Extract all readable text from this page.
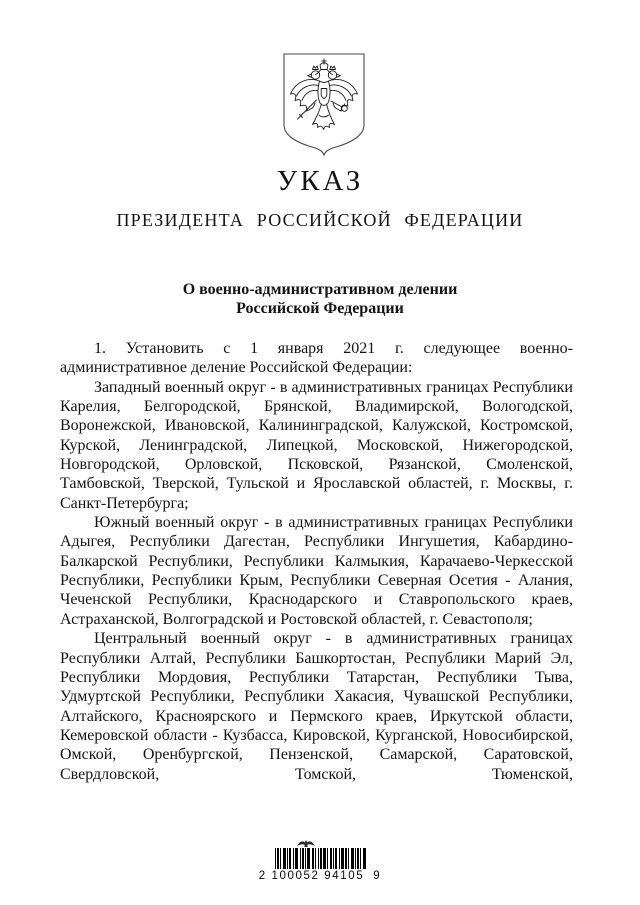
УКАЗ
ПРЕЗИДЕНТА РОССИЙСКОЙ ФЕДЕРАЦИИ
О военно-административном делении
Российской Федерации

1. Установить с 1 января 2021 г. следующее военно-административное деление Российской Федерации:

Западный военный округ - в административных границах Республики Карелия, Белгородской, Брянской, Владимирской, Вологодской, Воронежской, Ивановской, Калининградской, Калужской, Костромской, Курской, Ленинградской, Липецкой, Московской, Нижегородской, Новгородской, Орловской, Псковской, Рязанской, Смоленской, Тамбовской, Тверской, Тульской и Ярославской областей, г. Москвы, г. Санкт-Петербурга;

Южный военный округ - в административных границах Республики Адыгея, Республики Дагестан, Республики Ингушетия, Кабардино-Балкарской Республики, Республики Калмыкия, Карачаево-Черкесской Республики, Республики Крым, Республики Северная Осетия - Алания, Чеченской Республики, Краснодарского и Ставропольского краев, Астраханской, Волгоградской и Ростовской областей, г. Севастополя;

Центральный военный округ - в административных границах Республики Алтай, Республики Башкортостан, Республики Марий Эл, Республики Мордовия, Республики Татарстан, Республики Тыва, Удмуртской Республики, Республики Хакасия, Чувашской Республики, Алтайского, Красноярского и Пермского краев, Иркутской области, Кемеровской области - Кузбасса, Кировской, Курганской, Новосибирской, Омской, Оренбургской, Пензенской, Самарской, Саратовской, Свердловской, Томской, Тюменской,

2 100052 94105 9
